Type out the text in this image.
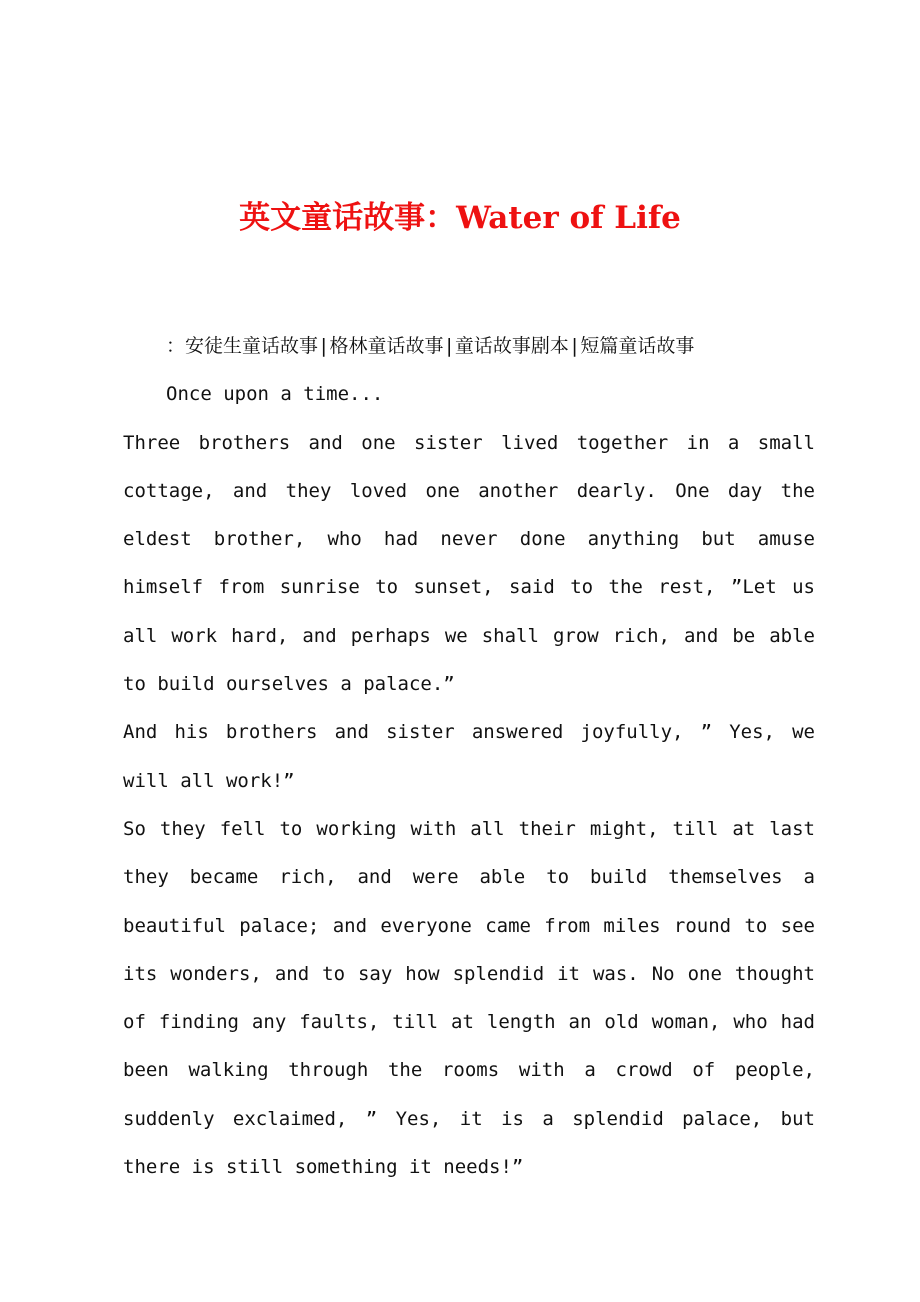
英文童话故事：Water of Life

：安徒生童话故事|格林童话故事|童话故事剧本|短篇童话故事

Once upon a time...

Three brothers and one sister lived together in a small cottage, and they loved one another dearly. One day the eldest brother, who had never done anything but amuse himself from sunrise to sunset, said to the rest, ”Let us all work hard, and perhaps we shall grow rich, and be able to build ourselves a palace.”

And his brothers and sister answered joyfully, ” Yes, we will all work!”

So they fell to working with all their might, till at last they became rich, and were able to build themselves a beautiful palace; and everyone came from miles round to see its wonders, and to say how splendid it was. No one thought of finding any faults, till at length an old woman, who had been walking through the rooms with a crowd of people, suddenly exclaimed, ” Yes, it is a splendid palace, but there is still something it needs!”
